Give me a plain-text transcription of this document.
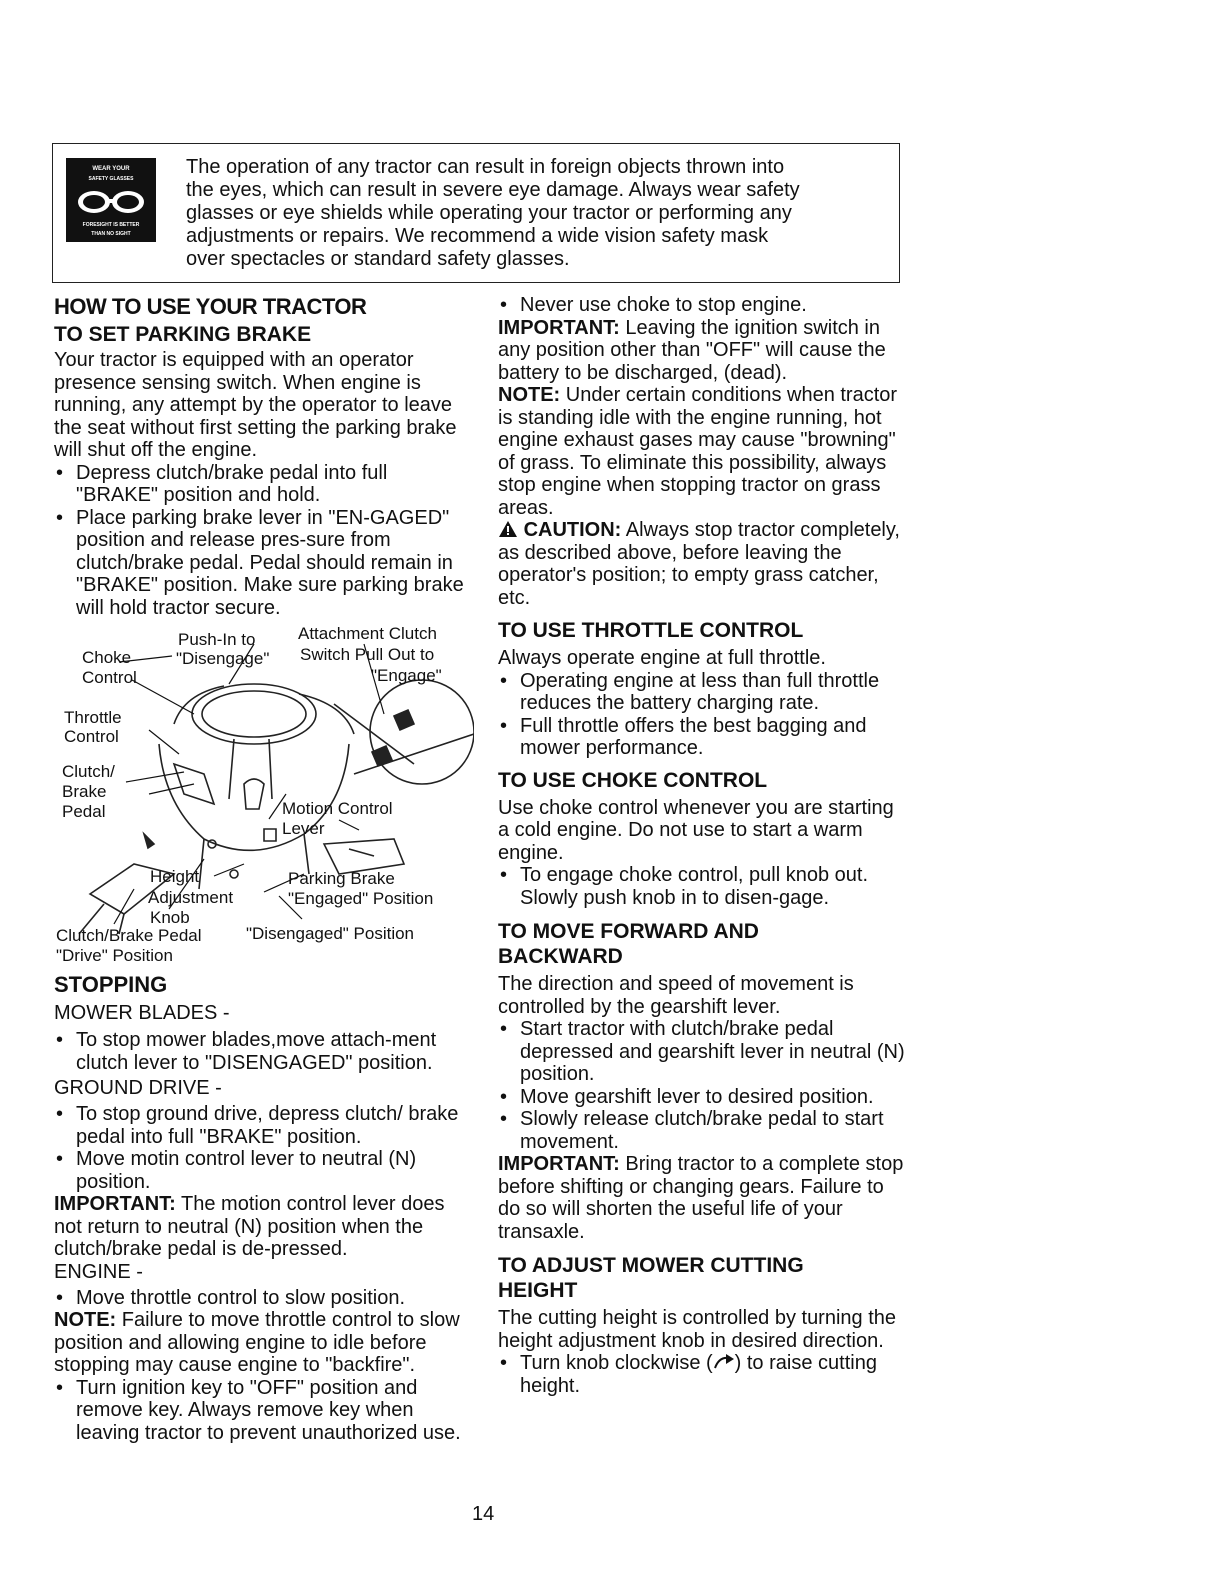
WEAR YOUR
SAFETY GLASSES
FORESIGHT IS BETTER
THAN NO SIGHT
The operation of any tractor can result in foreign objects thrown into
the eyes, which can result in severe eye damage. Always wear safety
glasses or eye shields while operating your tractor or performing any
adjustments or repairs. We recommend a wide vision safety mask
over spectacles or standard safety glasses.
HOW TO USE YOUR TRACTOR
TO SET PARKING BRAKE

Your tractor is equipped with an operator presence sensing switch. When engine is running, any attempt by the operator to leave the seat without first setting the parking brake will shut off the engine.

• Depress clutch/brake pedal into full "BRAKE" position and hold.

• Place parking brake lever in "EN-GAGED" position and release pres-sure from clutch/brake pedal. Pedal should remain in "BRAKE" position. Make sure parking brake will hold tractor secure.

Push-In to
"Disengage"
Attachment Clutch
Switch Pull Out to
"Engage"
Choke
Control
Throttle
Control
Clutch/
Brake
Pedal	Motion Control
Lever
Height
Adjustment
Knob
Parking Brake
"Engaged" Position
Clutch/Brake Pedal	"Disengaged" Position
"Drive" Position
STOPPING
MOWER BLADES -

• To stop mower blades,move attach-ment clutch lever to "DISENGAGED" position.

GROUND DRIVE -

• To stop ground drive, depress clutch/ brake pedal into full "BRAKE" position.

• Move motin control lever to neutral (N) position.

IMPORTANT: The motion control lever does not return to neutral (N) position when the clutch/brake pedal is de-pressed.

ENGINE -

• Move throttle control to slow position.

NOTE: Failure to move throttle control to slow position and allowing engine to idle before stopping may cause engine to "backfire".

• Turn ignition key to "OFF" position and remove key. Always remove key when leaving tractor to prevent unauthorized use.

• Never use choke to stop engine.

IMPORTANT: Leaving the ignition switch in any position other than "OFF" will cause the battery to be discharged, (dead).

NOTE: Under certain conditions when tractor is standing idle with the engine running, hot engine exhaust gases may cause "browning" of grass. To eliminate this possibility, always stop engine when stopping tractor on grass areas.

CAUTION: Always stop tractor completely, as described above, before leaving the operator's position; to empty grass catcher, etc.

TO USE THROTTLE CONTROL

Always operate engine at full throttle.

• Operating engine at less than full throttle reduces the battery charging rate.

• Full throttle offers the best bagging and mower performance.

TO USE CHOKE CONTROL

Use choke control whenever you are starting a cold engine. Do not use to start a warm engine.

• To engage choke control, pull knob out. Slowly push knob in to disen-gage.

TO MOVE FORWARD AND BACKWARD

The direction and speed of movement is controlled by the gearshift lever.

• Start tractor with clutch/brake pedal depressed and gearshift lever in neutral (N) position.

• Move gearshift lever to desired position.

• Slowly release clutch/brake pedal to start movement.

IMPORTANT: Bring tractor to a complete stop before shifting or changing gears. Failure to do so will shorten the useful life of your transaxle.

TO ADJUST MOWER CUTTING HEIGHT

The cutting height is controlled by turning the height adjustment knob in desired direction.

• Turn knob clockwise ( ) to raise cutting height.

14
